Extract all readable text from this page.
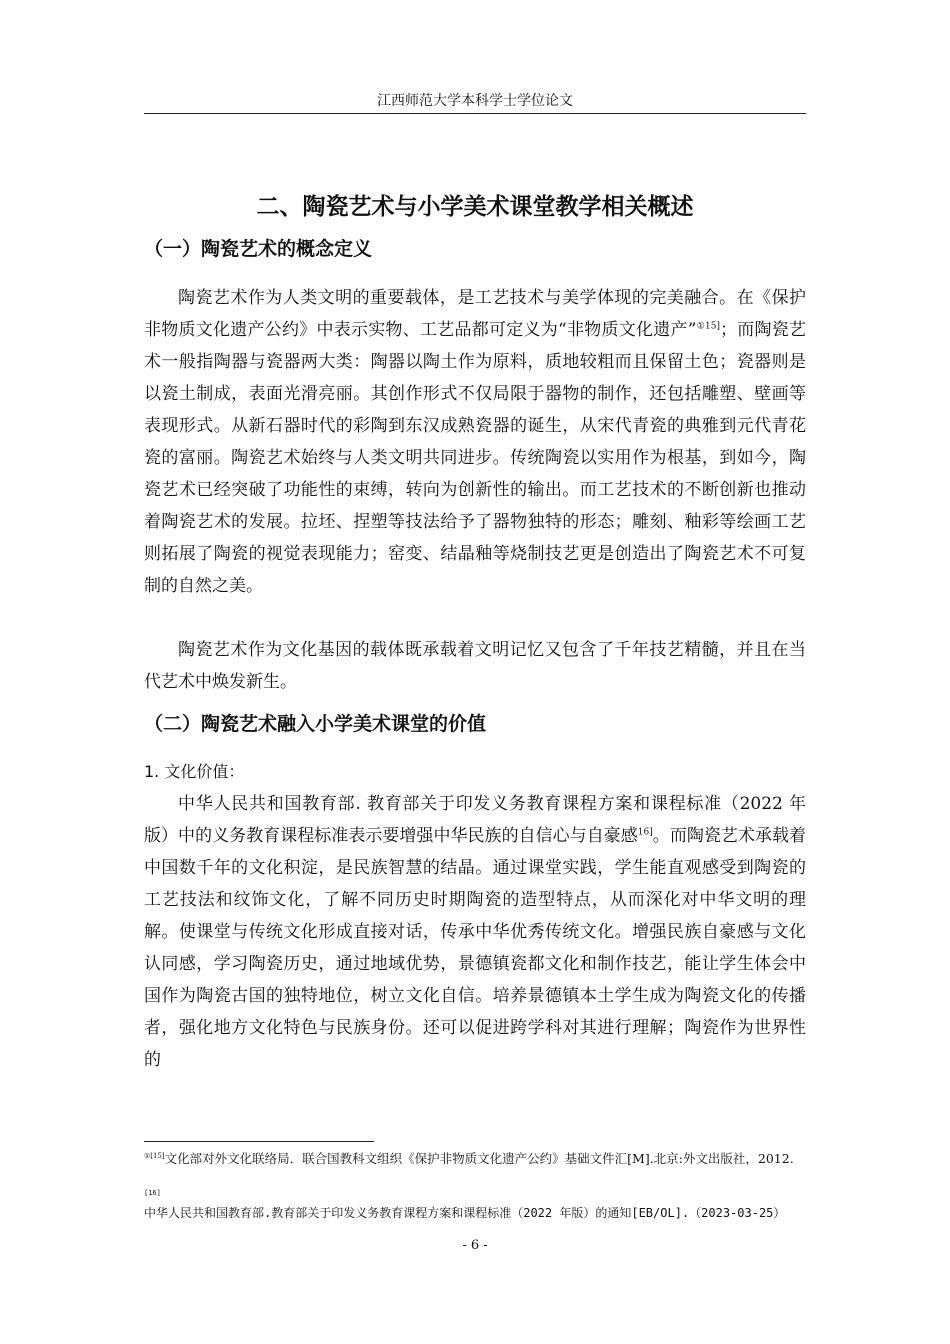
江西师范大学本科学士学位论文
二、陶瓷艺术与小学美术课堂教学相关概述
（一）陶瓷艺术的概念定义

陶瓷艺术作为人类文明的重要载体，是工艺技术与美学体现的完美融合。在《保护非物质文化遗产公约》中表示实物、工艺品都可定义为“非物质文化遗产”$^{①15]}$；而陶瓷艺术一般指陶器与瓷器两大类：陶器以陶土作为原料，质地较粗而且保留土色；瓷器则是以瓷土制成，表面光滑亮丽。其创作形式不仅局限于器物的制作，还包括雕塑、壁画等表现形式。从新石器时代的彩陶到东汉成熟瓷器的诞生，从宋代青瓷的典雅到元代青花瓷的富丽。陶瓷艺术始终与人类文明共同进步。传统陶瓷以实用作为根基，到如今，陶瓷艺术已经突破了功能性的束缚，转向为创新性的输出。而工艺技术的不断创新也推动着陶瓷艺术的发展。拉坯、捏塑等技法给予了器物独特的形态；雕刻、釉彩等绘画工艺则拓展了陶瓷的视觉表现能力；窑变、结晶釉等烧制技艺更是创造出了陶瓷艺术不可复制的自然之美。

陶瓷艺术作为文化基因的载体既承载着文明记忆又包含了千年技艺精髓，并且在当代艺术中焕发新生。

（二）陶瓷艺术融入小学美术课堂的价值
1. 文化价值：

中华人民共和国教育部. 教育部关于印发义务教育课程方案和课程标准（2022 年版）中的义务教育课程标准表示要增强中华民族的自信心与自豪感$^{16]}$。而陶瓷艺术承载着中国数千年的文化积淀，是民族智慧的结晶。通过课堂实践，学生能直观感受到陶瓷的工艺技法和纹饰文化，了解不同历史时期陶瓷的造型特点，从而深化对中华文明的理解。使课堂与传统文化形成直接对话，传承中华优秀传统文化。增强民族自豪感与文化认同感，学习陶瓷历史，通过地域优势，景德镇瓷都文化和制作技艺，能让学生体会中国作为陶瓷古国的独特地位，树立文化自信。培养景德镇本土学生成为陶瓷文化的传播者，强化地方文化特色与民族身份。还可以促进跨学科对其进行理解；陶瓷作为世界性的

$^{①[15]}$文化部对外文化联络局．联合国教科文组织《保护非物质文化遗产公约》基础文件汇[M].北京:外文出版社，2012.

[16] 中华人民共和国教育部.教育部关于印发义务教育课程方案和课程标准（2022 年版）的通知[EB/OL].（2023-03-25）

- 6 -
